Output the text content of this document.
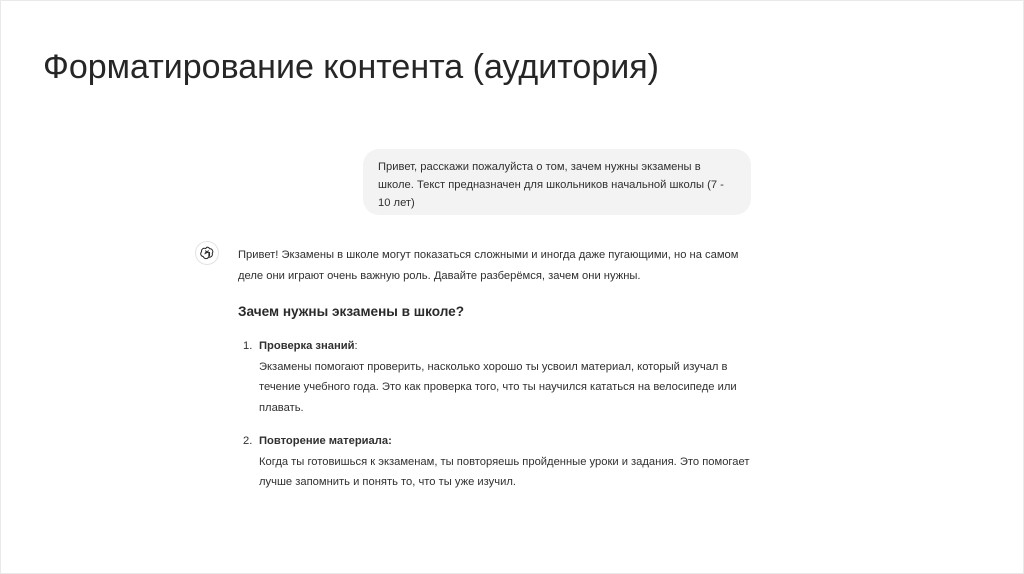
Форматирование контента (аудитория)
Привет, расскажи пожалуйста о том, зачем нужны экзамены в школе. Текст предназначен для школьников начальной школы (7 - 10 лет)

Привет! Экзамены в школе могут показаться сложными и иногда даже пугающими, но на самом деле они играют очень важную роль. Давайте разберёмся, зачем они нужны.

Зачем нужны экзамены в школе?
1. Проверка знаний:
Экзамены помогают проверить, насколько хорошо ты усвоил материал, который изучал в течение учебного года. Это как проверка того, что ты научился кататься на велосипеде или плавать.
2. Повторение материала:
Когда ты готовишься к экзаменам, ты повторяешь пройденные уроки и задания. Это помогает лучше запомнить и понять то, что ты уже изучил.
